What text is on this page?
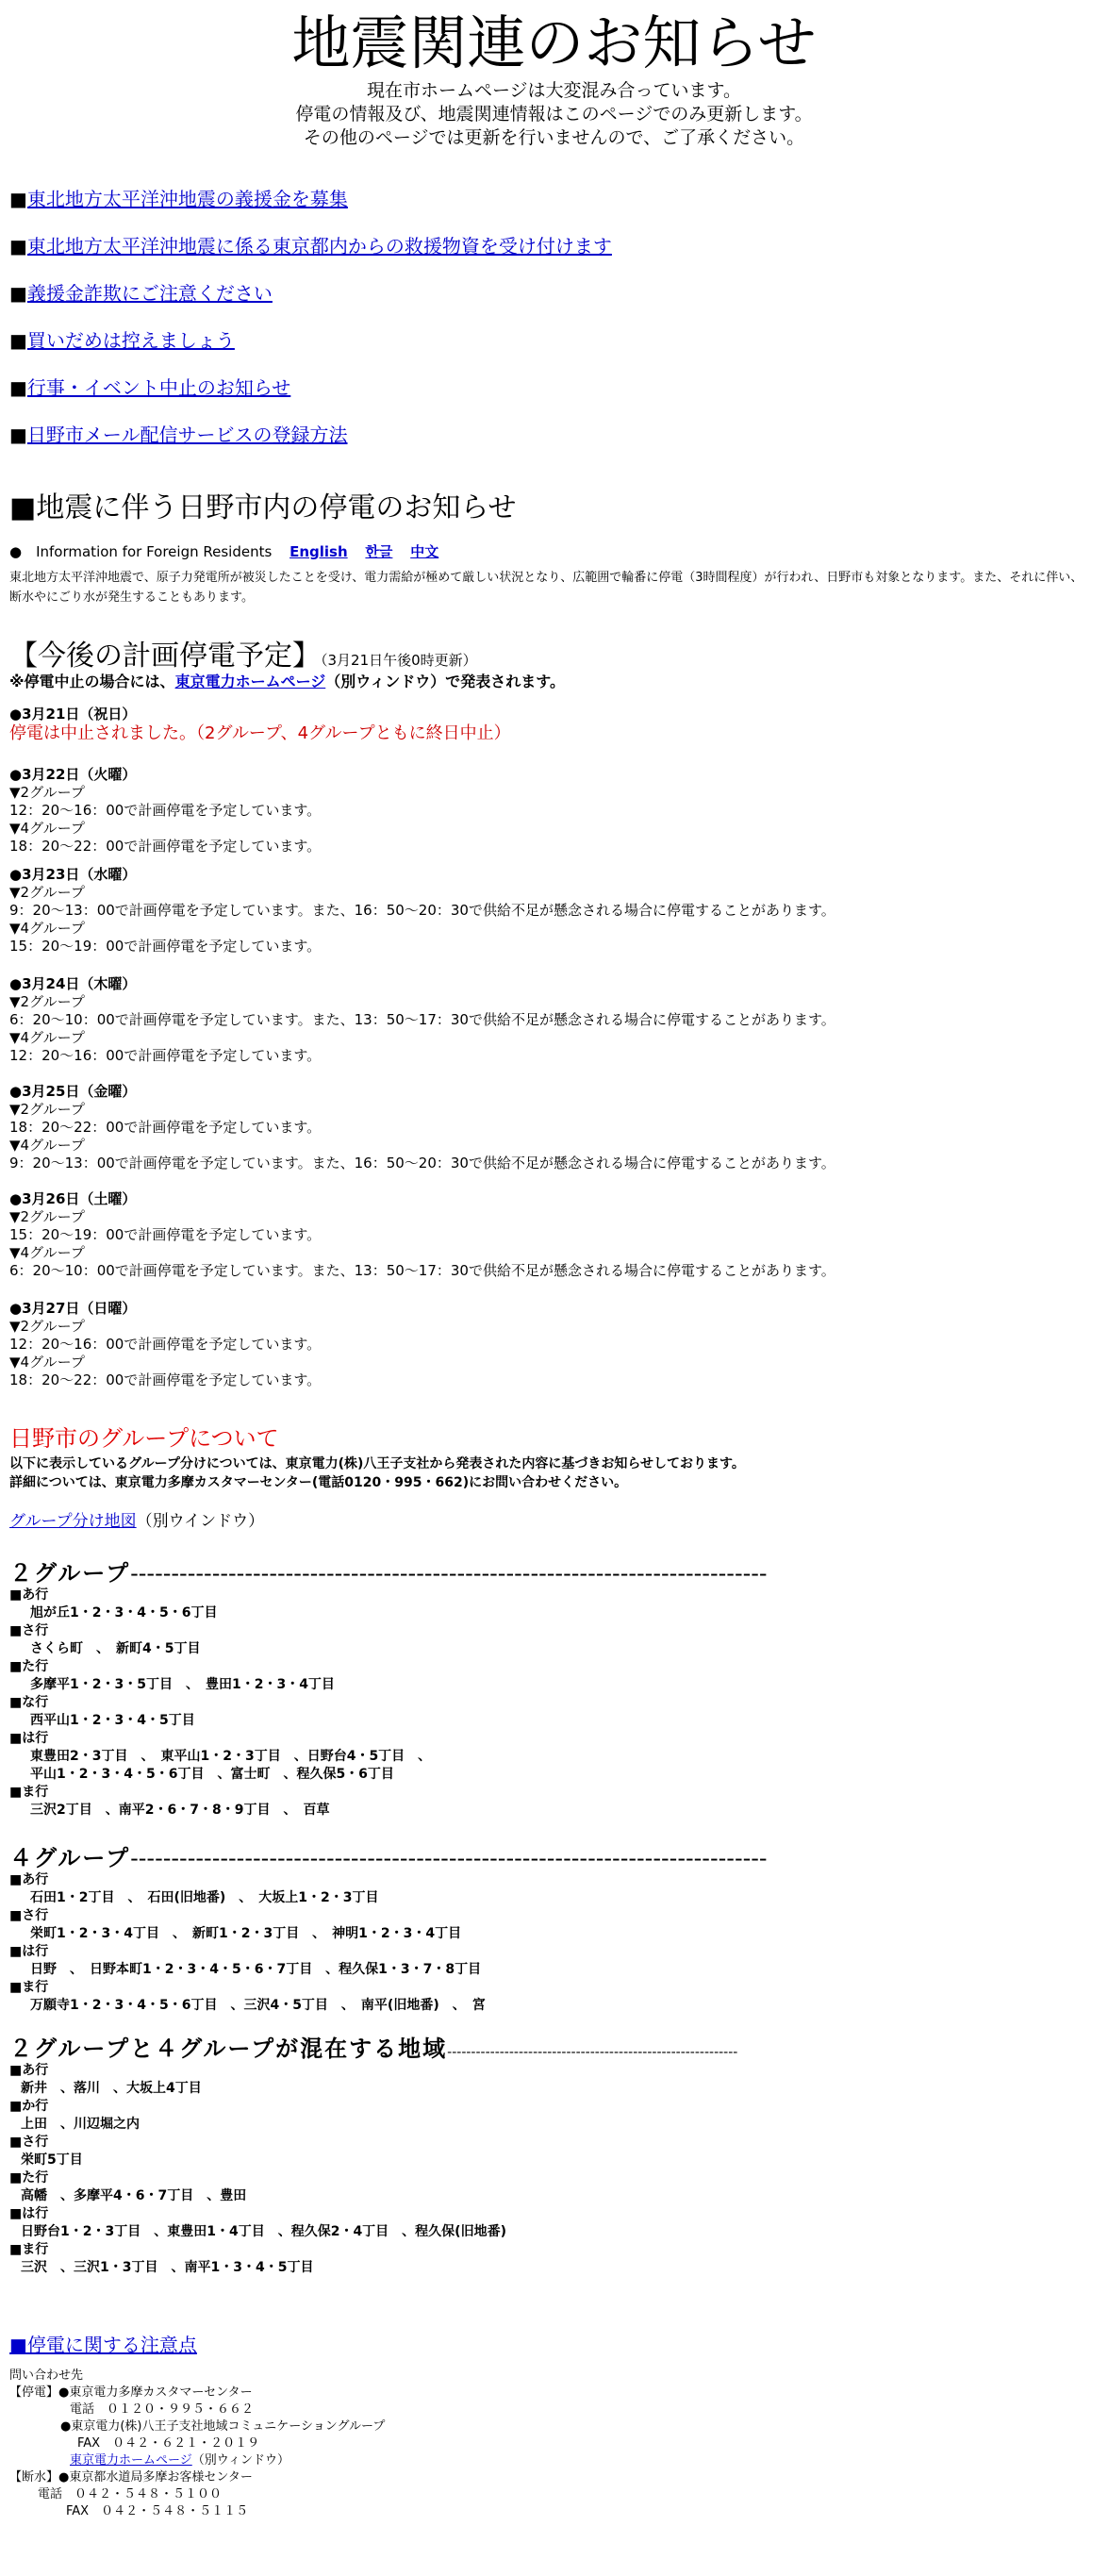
地震関連のお知らせ
現在市ホームページは大変混み合っています。
停電の情報及び、地震関連情報はこのページでのみ更新します。
その他のページでは更新を行いませんので、ご了承ください。
■東北地方太平洋沖地震の義援金を募集
■東北地方太平洋沖地震に係る東京都内からの救援物資を受け付けます
■義援金詐欺にご注意ください
■買いだめは控えましょう
■行事・イベント中止のお知らせ
■日野市メール配信サービスの登録方法
■地震に伴う日野市内の停電のお知らせ
●　Information for Foreign Residents English 한글 中文
東北地方太平洋沖地震で、原子力発電所が被災したことを受け、電力需給が極めて厳しい状況となり、広範囲で輪番に停電（3時間程度）が行われ、日野市も対象となります。また、それに伴い、断水やにごり水が発生することもあります。
【今後の計画停電予定】（3月21日午後0時更新）
※停電中止の場合には、東京電力ホームページ（別ウィンドウ）で発表されます。
●3月21日（祝日）
停電は中止されました。（2グループ、4グループともに終日中止）
●3月22日（火曜）
▼2グループ
12：20～16：00で計画停電を予定しています。
▼4グループ
18：20～22：00で計画停電を予定しています。
●3月23日（水曜）
▼2グループ
9：20～13：00で計画停電を予定しています。また、16：50～20：30で供給不足が懸念される場合に停電することがあります。
▼4グループ
15：20～19：00で計画停電を予定しています。
●3月24日（木曜）
▼2グループ
6：20～10：00で計画停電を予定しています。また、13：50～17：30で供給不足が懸念される場合に停電することがあります。
▼4グループ
12：20～16：00で計画停電を予定しています。
●3月25日（金曜）
▼2グループ
18：20～22：00で計画停電を予定しています。
▼4グループ
9：20～13：00で計画停電を予定しています。また、16：50～20：30で供給不足が懸念される場合に停電することがあります。
●3月26日（土曜）
▼2グループ
15：20～19：00で計画停電を予定しています。
▼4グループ
6：20～10：00で計画停電を予定しています。また、13：50～17：30で供給不足が懸念される場合に停電することがあります。
●3月27日（日曜）
▼2グループ
12：20～16：00で計画停電を予定しています。
▼4グループ
18：20～22：00で計画停電を予定しています。
日野市のグループについて
以下に表示しているグループ分けについては、東京電力(株)八王子支社から発表された内容に基づきお知らせしております。
詳細については、東京電力多摩カスタマーセンター(電話0120・995・662)にお問い合わせください。
グループ分け地図（別ウインドウ）
２グループ------------------------------------------------------------------------------
■あ行
旭が丘1・2・3・4・5・6丁目
■さ行
さくら町　、　新町4・5丁目
■た行
多摩平1・2・3・5丁目　、　豊田1・2・3・4丁目
■な行
西平山1・2・3・4・5丁目
■は行
東豊田2・3丁目　、　東平山1・2・3丁目　、日野台4・5丁目　、
平山1・2・3・4・5・6丁目　、富士町　、程久保5・6丁目
■ま行
三沢2丁目　、南平2・6・7・8・9丁目　、　百草
４グループ------------------------------------------------------------------------------
■あ行
石田1・2丁目　、　石田(旧地番)　、　大坂上1・2・3丁目
■さ行
栄町1・2・3・4丁目　、　新町1・2・3丁目　、　神明1・2・3・4丁目
■は行
日野　、　日野本町1・2・3・4・5・6・7丁目　、程久保1・3・7・8丁目
■ま行
万願寺1・2・3・4・5・6丁目　、三沢4・5丁目　、　南平(旧地番)　、　宮
２グループと４グループが混在する地域-------------------------------------------------------------
■あ行
新井　、落川　、大坂上4丁目
■か行
上田　、川辺堀之内
■さ行
栄町5丁目
■た行
高幡　、多摩平4・6・7丁目　、豊田
■は行
日野台1・2・3丁目　、東豊田1・4丁目　、程久保2・4丁目　、程久保(旧地番)
■ま行
三沢　、三沢1・3丁目　、南平1・3・4・5丁目
■停電に関する注意点
問い合わせ先
【停電】●東京電力多摩カスタマーセンター
電話　０１２０・９９５・６６２
●東京電力(株)八王子支社地域コミュニケーショングループ
FAX　０４２・６２１・２０１９
東京電力ホームページ（別ウィンドウ）
【断水】●東京都水道局多摩お客様センター
電話　０４２・５４８・５１００
FAX　０４２・５４８・５１１５
